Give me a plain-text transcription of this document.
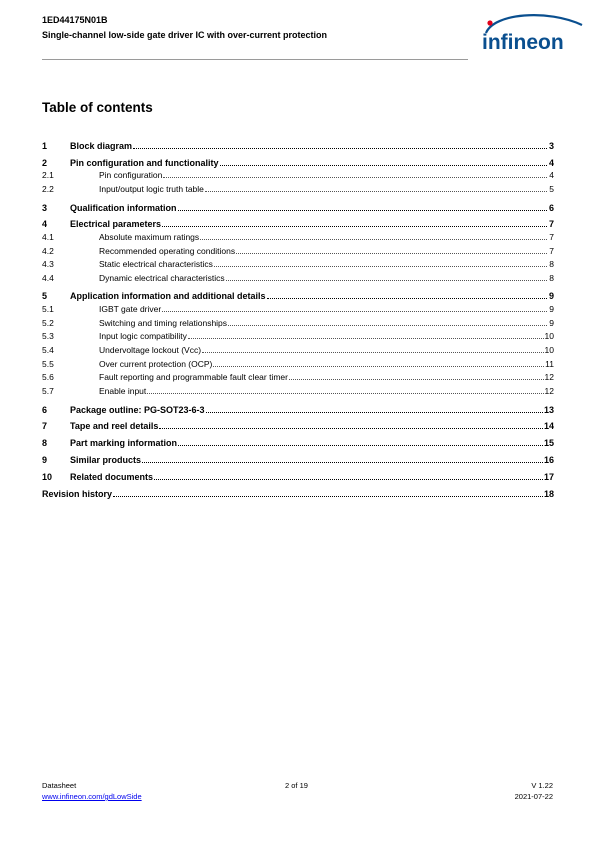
1ED44175N01B
Single-channel low-side gate driver IC with over-current protection	infineon
Table of contents
1	Block diagram	3
2	Pin configuration and functionality	4
2.1	Pin configuration	4
2.2	Input/output logic truth table	5
3	Qualification information	6
4	Electrical parameters	7
4.1	Absolute maximum ratings	7
4.2	Recommended operating conditions	7
4.3	Static electrical characteristics	8
4.4	Dynamic electrical characteristics	8
5	Application information and additional details	9
5.1	IGBT gate driver	9
5.2	Switching and timing relationships	9
5.3	Input logic compatibility	10
5.4	Undervoltage lockout (Vcc)	10
5.5	Over current protection (OCP)	11
5.6	Fault reporting and programmable fault clear timer	12
5.7	Enable input	12
6	Package outline: PG-SOT23-6-3	13
7	Tape and reel details	14
8	Part marking information	15
9	Similar products	16
10	Related documents	17
Revision history	18
Datasheet	2 of 19	V 1.22
www.infineon.com/gdLowSide	2021-07-22
